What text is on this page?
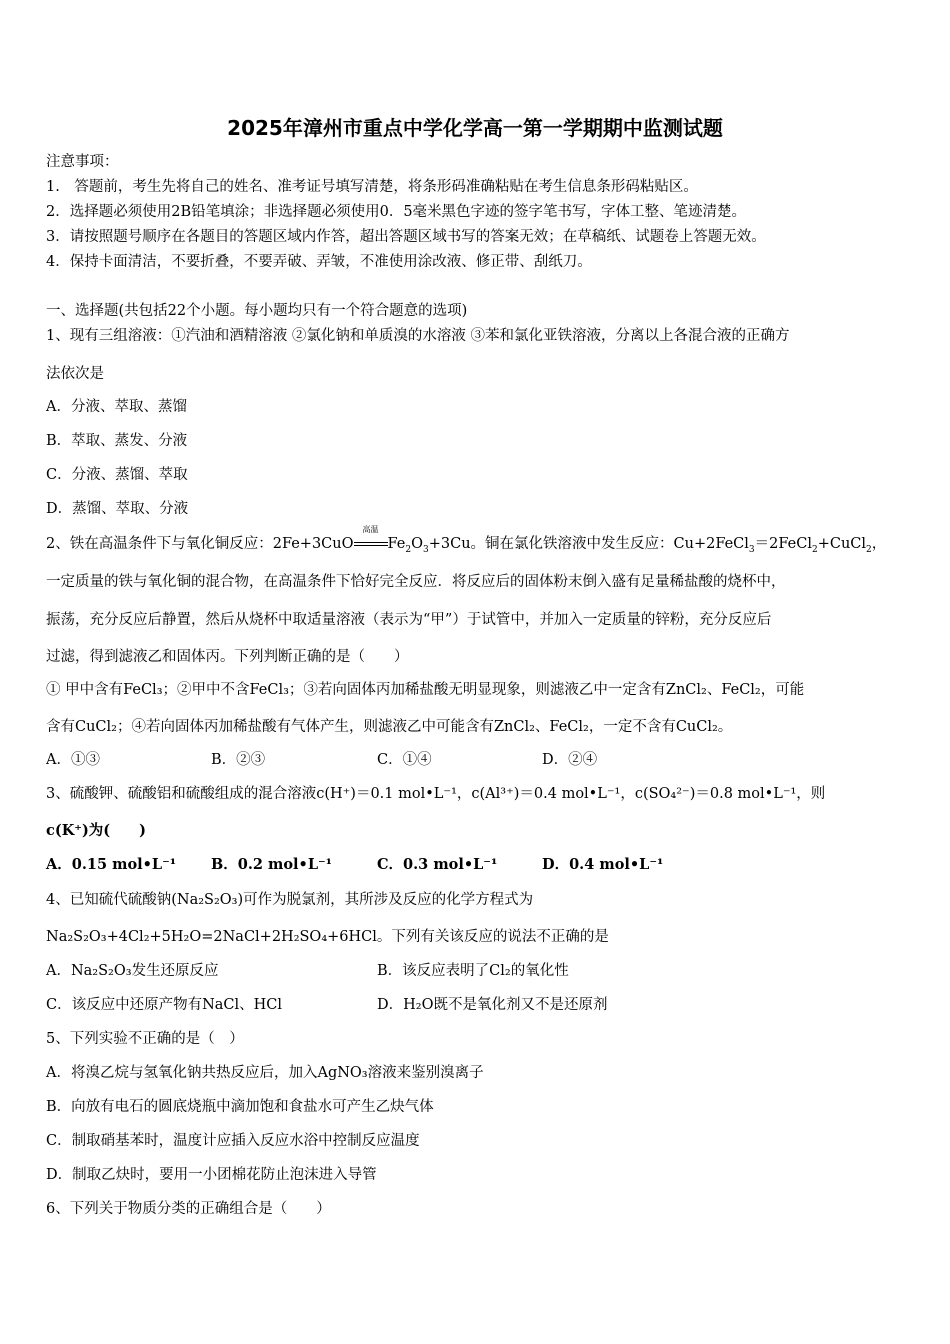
2025年漳州市重点中学化学高一第一学期期中监测试题
注意事项：
1.　答题前，考生先将自己的姓名、准考证号填写清楚，将条形码准确粘贴在考生信息条形码粘贴区。
2．选择题必须使用2B铅笔填涂；非选择题必须使用0．5毫米黑色字迹的签字笔书写，字体工整、笔迹清楚。
3．请按照题号顺序在各题目的答题区域内作答，超出答题区域书写的答案无效；在草稿纸、试题卷上答题无效。
4．保持卡面清洁，不要折叠，不要弄破、弄皱，不准使用涂改液、修正带、刮纸刀。
一、选择题(共包括22个小题。每小题均只有一个符合题意的选项)
1、现有三组溶液：①汽油和酒精溶液 ②氯化钠和单质溴的水溶液 ③苯和氯化亚铁溶液，分离以上各混合液的正确方
法依次是
A．分液、萃取、蒸馏
B．萃取、蒸发、分液
C．分液、蒸馏、萃取
D．蒸馏、萃取、分液
2、铁在高温条件下与氧化铜反应：2Fe+3CuO
高温
$Fe_2O_3+3Cu$。铜在氯化铁溶液中发生反应：Cu+2FeCl$_3$＝2FeCl$_2$+CuCl$_2$，
一定质量的铁与氧化铜的混合物，在高温条件下恰好完全反应．将反应后的固体粉末倒入盛有足量稀盐酸的烧杯中，
振荡，充分反应后静置，然后从烧杯中取适量溶液（表示为“甲”）于试管中，并加入一定质量的锌粉，充分反应后
过滤，得到滤液乙和固体丙。下列判断正确的是（　　）
① 甲中含有FeCl₃；②甲中不含FeCl₃；③若向固体丙加稀盐酸无明显现象，则滤液乙中一定含有ZnCl₂、FeCl₂，可能
含有CuCl₂；④若向固体丙加稀盐酸有气体产生，则滤液乙中可能含有ZnCl₂、FeCl₂，一定不含有CuCl₂。
A．①③	B．②③	C．①④	D．②④
3、硫酸钾、硫酸铝和硫酸组成的混合溶液c(H⁺)＝0.1 mol•L⁻¹，c(Al³⁺)＝0.4 mol•L⁻¹，c(SO₄²⁻)＝0.8 mol•L⁻¹，则
c(K⁺)为(　　)
A．0.15 mol•L⁻¹ B．0.2 mol•L⁻¹	C．0.3 mol•L⁻¹	D．0.4 mol•L⁻¹
4、已知硫代硫酸钠(Na₂S₂O₃)可作为脱氯剂，其所涉及反应的化学方程式为
Na₂S₂O₃+4Cl₂+5H₂O=2NaCl+2H₂SO₄+6HCl。下列有关该反应的说法不正确的是
A．Na₂S₂O₃发生还原反应	B．该反应表明了Cl₂的氧化性
C．该反应中还原产物有NaCl、HCl	D．H₂O既不是氧化剂又不是还原剂
5、下列实验不正确的是（　）
A．将溴乙烷与氢氧化钠共热反应后，加入AgNO₃溶液来鉴别溴离子
B．向放有电石的圆底烧瓶中滴加饱和食盐水可产生乙炔气体
C．制取硝基苯时，温度计应插入反应水浴中控制反应温度
D．制取乙炔时，要用一小团棉花防止泡沫进入导管
6、下列关于物质分类的正确组合是（　　）
